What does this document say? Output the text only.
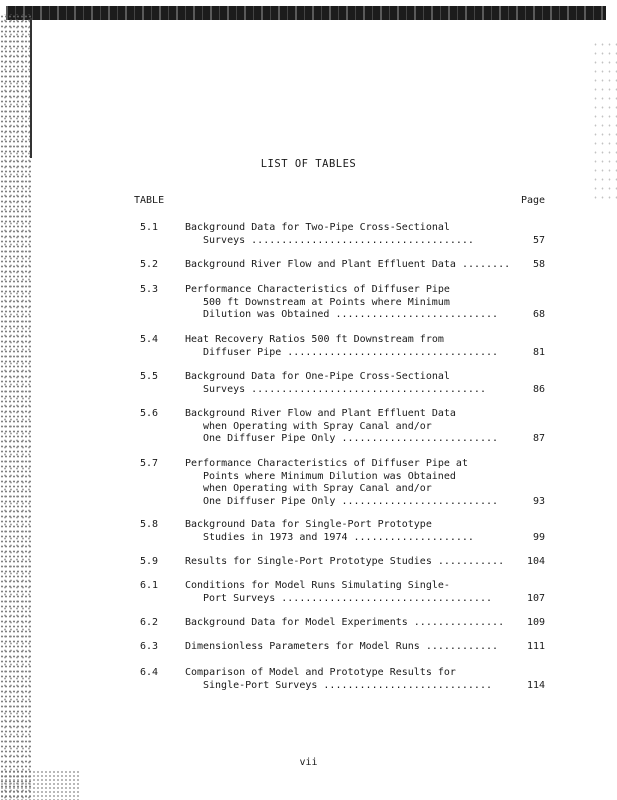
LIST OF TABLES
TABLE	Page
5.1	Background Data for Two-Pipe Cross-Sectional
Surveys .....................................	57
5.2	Background River Flow and Plant Effluent Data ........	58
5.3	Performance Characteristics of Diffuser Pipe
500 ft Downstream at Points where Minimum
Dilution was Obtained ...........................	68
5.4	Heat Recovery Ratios 500 ft Downstream from
Diffuser Pipe ...................................	81
5.5	Background Data for One-Pipe Cross-Sectional
Surveys .......................................	86
5.6	Background River Flow and Plant Effluent Data
when Operating with Spray Canal and/or
One Diffuser Pipe Only ..........................	87
5.7	Performance Characteristics of Diffuser Pipe at
Points where Minimum Dilution was Obtained
when Operating with Spray Canal and/or
One Diffuser Pipe Only ..........................	93
5.8	Background Data for Single-Port Prototype
Studies in 1973 and 1974 ....................	99
5.9	Results for Single-Port Prototype Studies ...........	104
6.1	Conditions for Model Runs Simulating Single-
Port Surveys ...................................	107
6.2	Background Data for Model Experiments ...............	109
6.3	Dimensionless Parameters for Model Runs ............	111
6.4	Comparison of Model and Prototype Results for
Single-Port Surveys ............................	114
vii
